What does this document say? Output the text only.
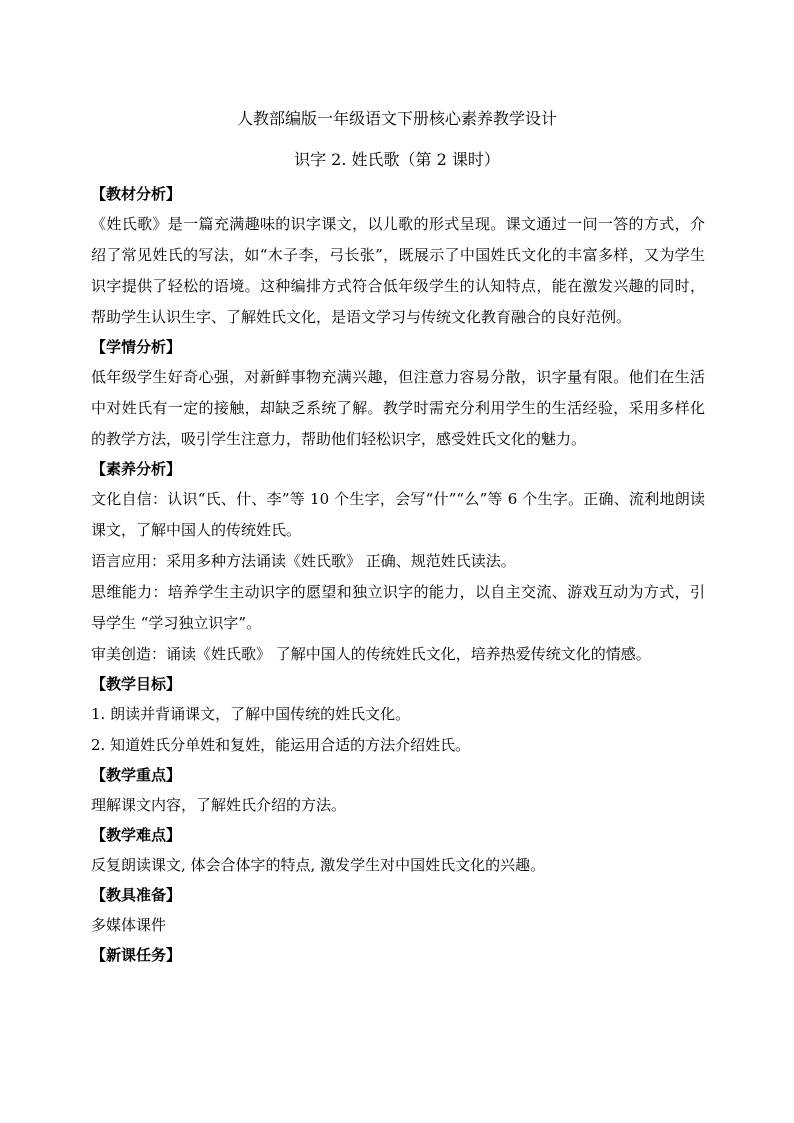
人教部编版一年级语文下册核心素养教学设计
识字 2. 姓氏歌（第 2 课时）
【教材分析】

《姓氏歌》是一篇充满趣味的识字课文，以儿歌的形式呈现。课文通过一问一答的方式，介绍了常见姓氏的写法，如“木子李，弓长张”，既展示了中国姓氏文化的丰富多样，又为学生识字提供了轻松的语境。这种编排方式符合低年级学生的认知特点，能在激发兴趣的同时，帮助学生认识生字、了解姓氏文化，是语文学习与传统文化教育融合的良好范例。

【学情分析】

低年级学生好奇心强，对新鲜事物充满兴趣，但注意力容易分散，识字量有限。他们在生活中对姓氏有一定的接触，却缺乏系统了解。教学时需充分利用学生的生活经验，采用多样化的教学方法，吸引学生注意力，帮助他们轻松识字，感受姓氏文化的魅力。

【素养分析】

文化自信：认识“氏、什、李”等 10 个生字，会写“什”“么”等 6 个生字。正确、流利地朗读课文，了解中国人的传统姓氏。

语言应用：采用多种方法诵读《姓氏歌》 正确、规范姓氏读法。

思维能力：培养学生主动识字的愿望和独立识字的能力，以自主交流、游戏互动为方式，引导学生 “学习独立识字”。

审美创造：诵读《姓氏歌》 了解中国人的传统姓氏文化，培养热爱传统文化的情感。

【教学目标】

1. 朗读并背诵课文，了解中国传统的姓氏文化。

2. 知道姓氏分单姓和复姓，能运用合适的方法介绍姓氏。

【教学重点】

理解课文内容，了解姓氏介绍的方法。

【教学难点】

反复朗读课文, 体会合体字的特点, 激发学生对中国姓氏文化的兴趣。

【教具准备】

多媒体课件

【新课任务】
